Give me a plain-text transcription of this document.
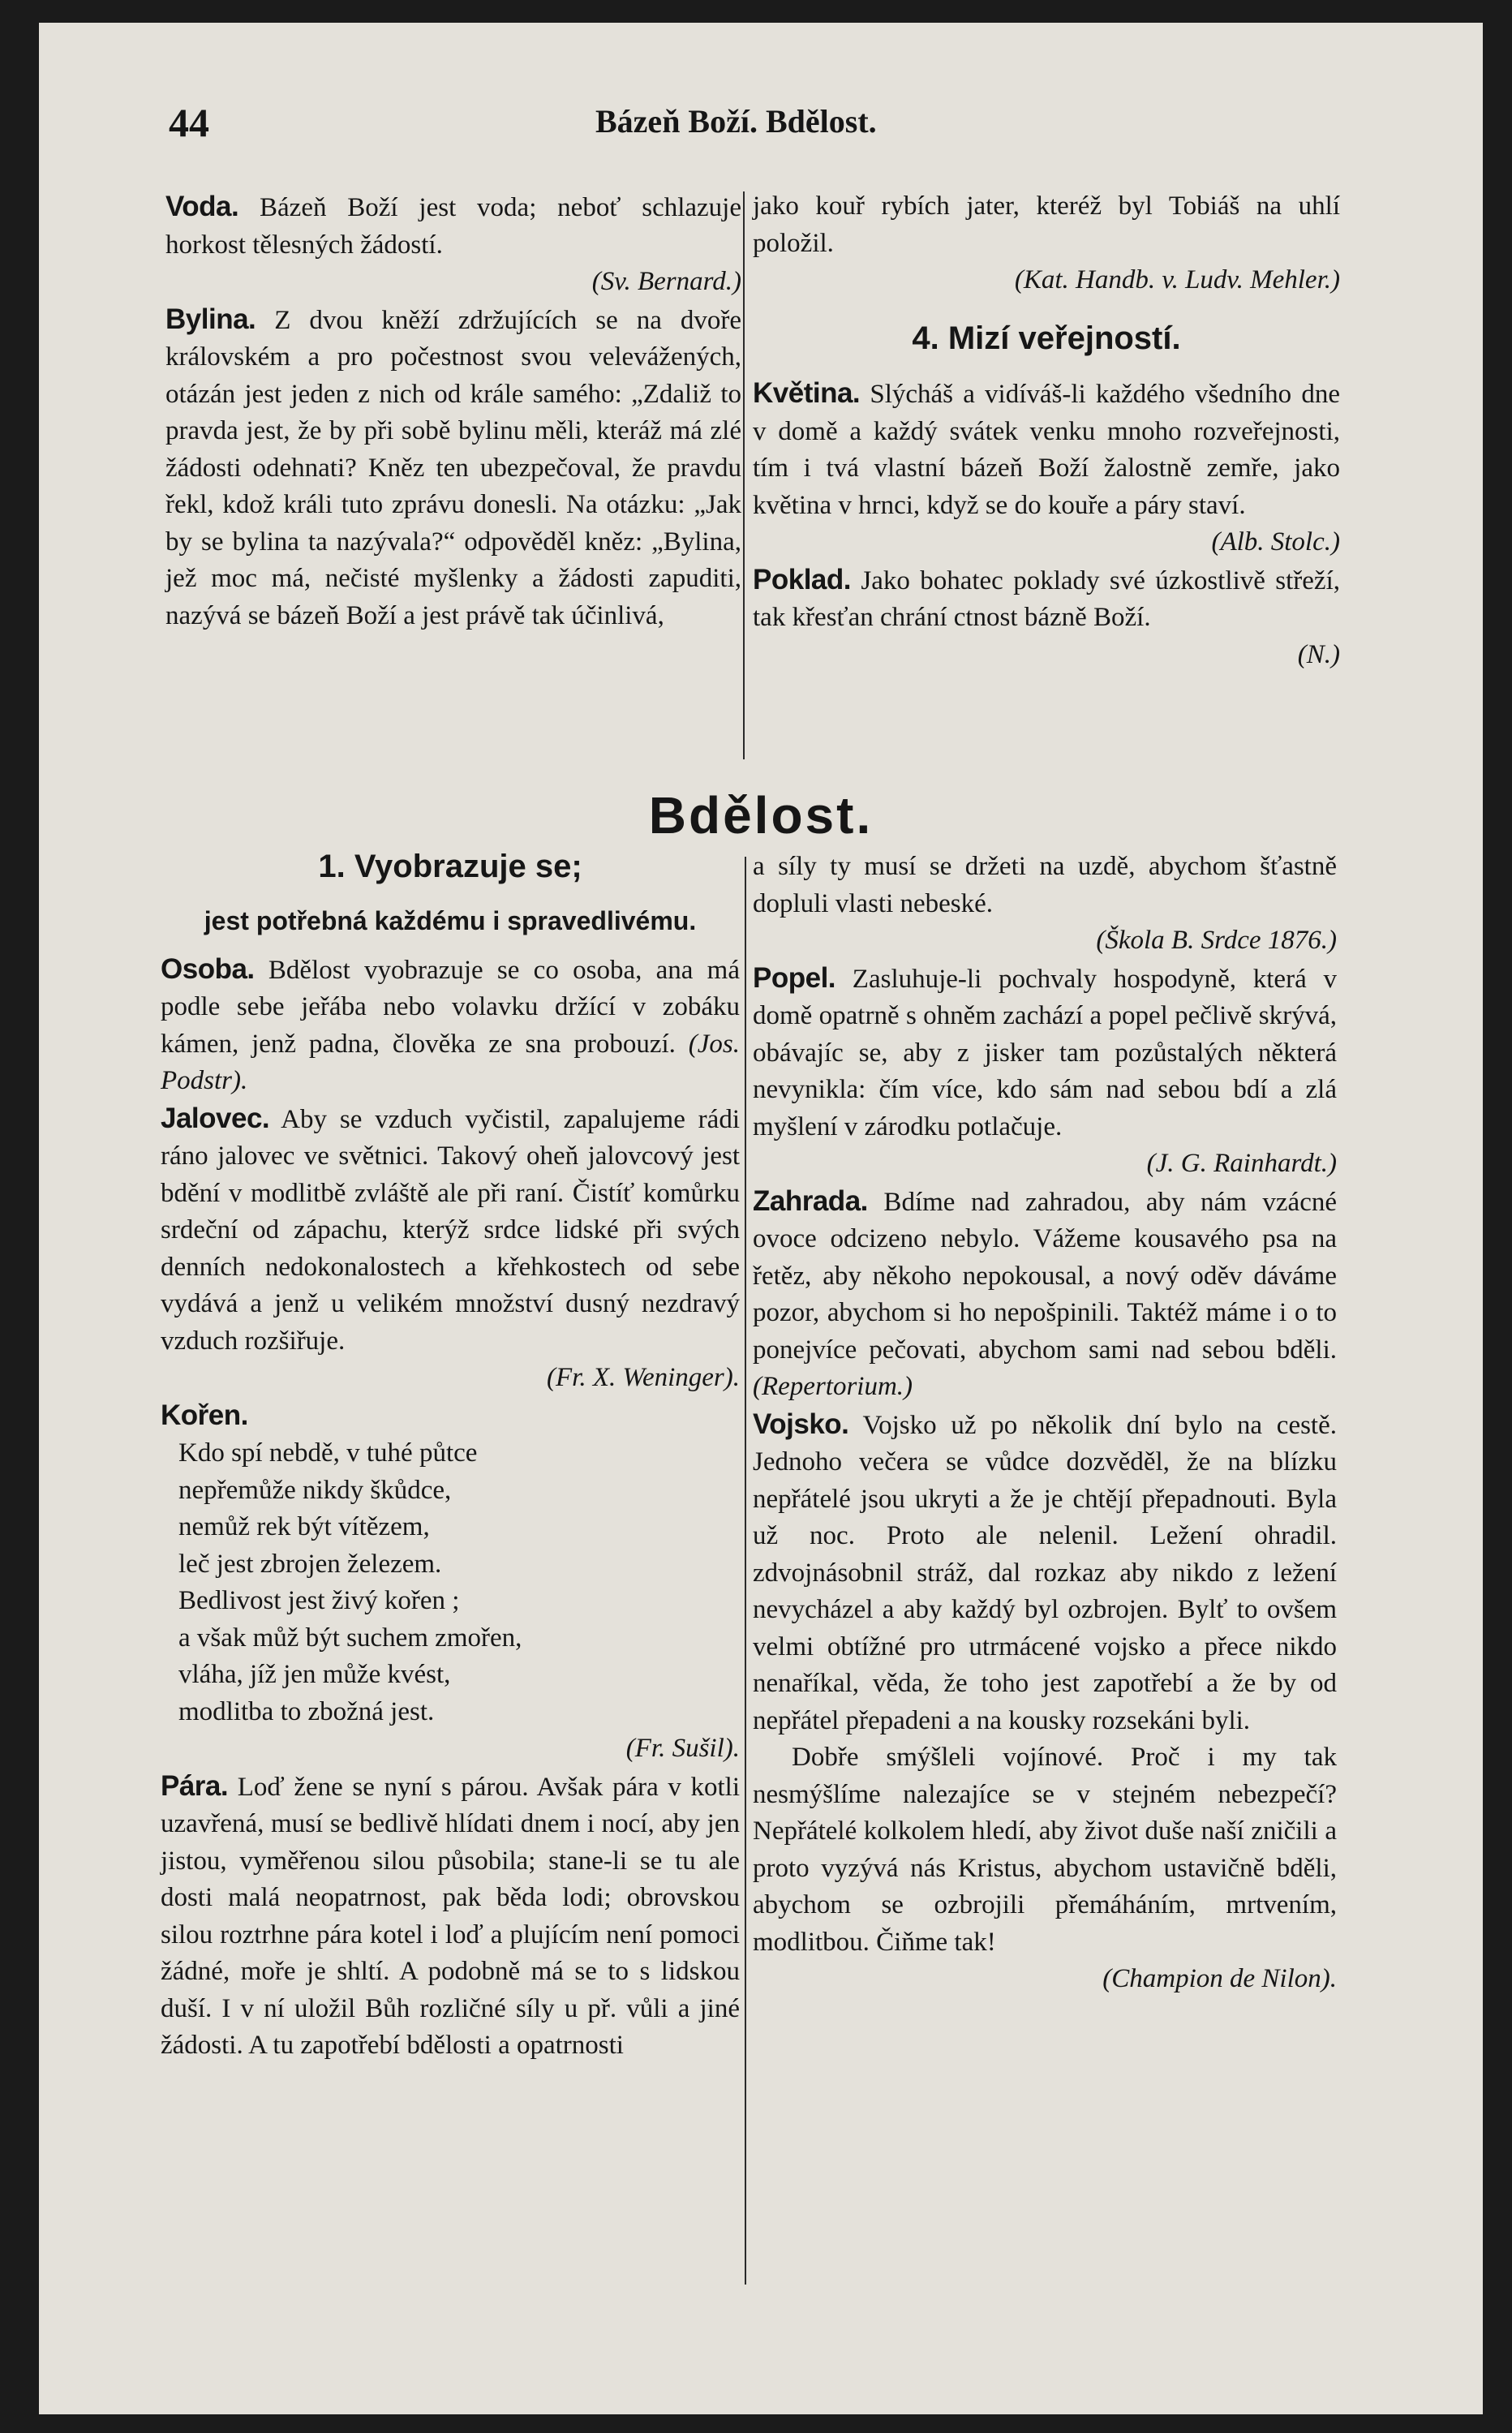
44	Bázeň Boží. Bdělost.

Voda. Bázeň Boží jest voda; neboť schlazuje horkost tělesných žádostí.

(Sv. Bernard.)

Bylina. Z dvou kněží zdržujících se na dvoře královském a pro počestnost svou velevážených, otázán jest jeden z nich od krále samého: „Zdaliž to pravda jest, že by při sobě bylinu měli, kteráž má zlé žádosti odehnati? Kněz ten ubezpečoval, že pravdu řekl, kdož králi tuto zprávu donesli. Na otázku: „Jak by se bylina ta nazývala?“ odpověděl kněz: „Bylina, jež moc má, nečisté myšlenky a žádosti zapuditi, nazývá se bázeň Boží a jest právě tak účinlivá,

jako kouř rybích jater, kteréž byl Tobiáš na uhlí položil.

(Kat. Handb. v. Ludv. Mehler.)

4. Mizí veřejností.

Květina. Slýcháš a vidíváš-li každého všedního dne v domě a každý svátek venku mnoho rozveřejnosti, tím i tvá vlastní bázeň Boží žalostně zemře, jako květina v hrnci, když se do kouře a páry staví.

(Alb. Stolc.)

Poklad. Jako bohatec poklady své úzkostlivě střeží, tak křesťan chrání ctnost bázně Boží.

(N.)

Bdělost.
1. Vyobrazuje se;
jest potřebná každému i spravedlivému.

Osoba. Bdělost vyobrazuje se co osoba, ana má podle sebe jeřába nebo volavku držící v zobáku kámen, jenž padna, člověka ze sna probouzí. (Jos. Podstr).

Jalovec. Aby se vzduch vyčistil, zapalujeme rádi ráno jalovec ve světnici. Takový oheň jalovcový jest bdění v modlitbě zvláště ale při raní. Čistíť komůrku srdeční od zápachu, kterýž srdce lidské při svých denních nedokonalostech a křehkostech od sebe vydává a jenž u velikém množství dusný nezdravý vzduch rozšiřuje.

(Fr. X. Weninger).

Kořen.

Kdo spí nebdě, v tuhé půtce
nepřemůže nikdy škůdce,
nemůž rek být vítězem,
leč jest zbrojen železem.
Bedlivost jest živý kořen ;
a však můž být suchem zmořen,
vláha, jíž jen může kvést,
modlitba to zbožná jest.

(Fr. Sušil).

Pára. Loď žene se nyní s párou. Avšak pára v kotli uzavřená, musí se bedlivě hlídati dnem i nocí, aby jen jistou, vyměřenou silou působila; stane-li se tu ale dosti malá neopatrnost, pak běda lodi; obrovskou silou roztrhne pára kotel i loď a plujícím není pomoci žádné, moře je shltí. A podobně má se to s lidskou duší. I v ní uložil Bůh rozličné síly u př. vůli a jiné žádosti. A tu zapotřebí bdělosti a opatrnosti

a síly ty musí se držeti na uzdě, abychom šťastně dopluli vlasti nebeské.

(Škola B. Srdce 1876.)

Popel. Zasluhuje-li pochvaly hospodyně, která v domě opatrně s ohněm zachází a popel pečlivě skrývá, obávajíc se, aby z jisker tam pozůstalých některá nevynikla: čím více, kdo sám nad sebou bdí a zlá myšlení v zárodku potlačuje.

(J. G. Rainhardt.)

Zahrada. Bdíme nad zahradou, aby nám vzácné ovoce odcizeno nebylo. Vážeme kousavého psa na řetěz, aby někoho nepokousal, a nový oděv dáváme pozor, abychom si ho nepošpinili. Taktéž máme i o to ponejvíce pečovati, abychom sami nad sebou bděli. (Repertorium.)

Vojsko. Vojsko už po několik dní bylo na cestě. Jednoho večera se vůdce dozvěděl, že na blízku nepřátelé jsou ukryti a že je chtějí přepadnouti. Byla už noc. Proto ale nelenil. Ležení ohradil. zdvojnásobnil stráž, dal rozkaz aby nikdo z ležení nevycházel a aby každý byl ozbrojen. Bylť to ovšem velmi obtížné pro utrmácené vojsko a přece nikdo nenaříkal, věda, že toho jest zapotřebí a že by od nepřátel přepadeni a na kousky rozsekáni byli.

Dobře smýšleli vojínové. Proč i my tak nesmýšlíme nalezajíce se v stejném nebezpečí? Nepřátelé kolkolem hledí, aby život duše naší zničili a proto vyzývá nás Kristus, abychom ustavičně bděli, abychom se ozbrojili přemáháním, mrtvením, modlitbou. Čiňme tak!

(Champion de Nilon).
